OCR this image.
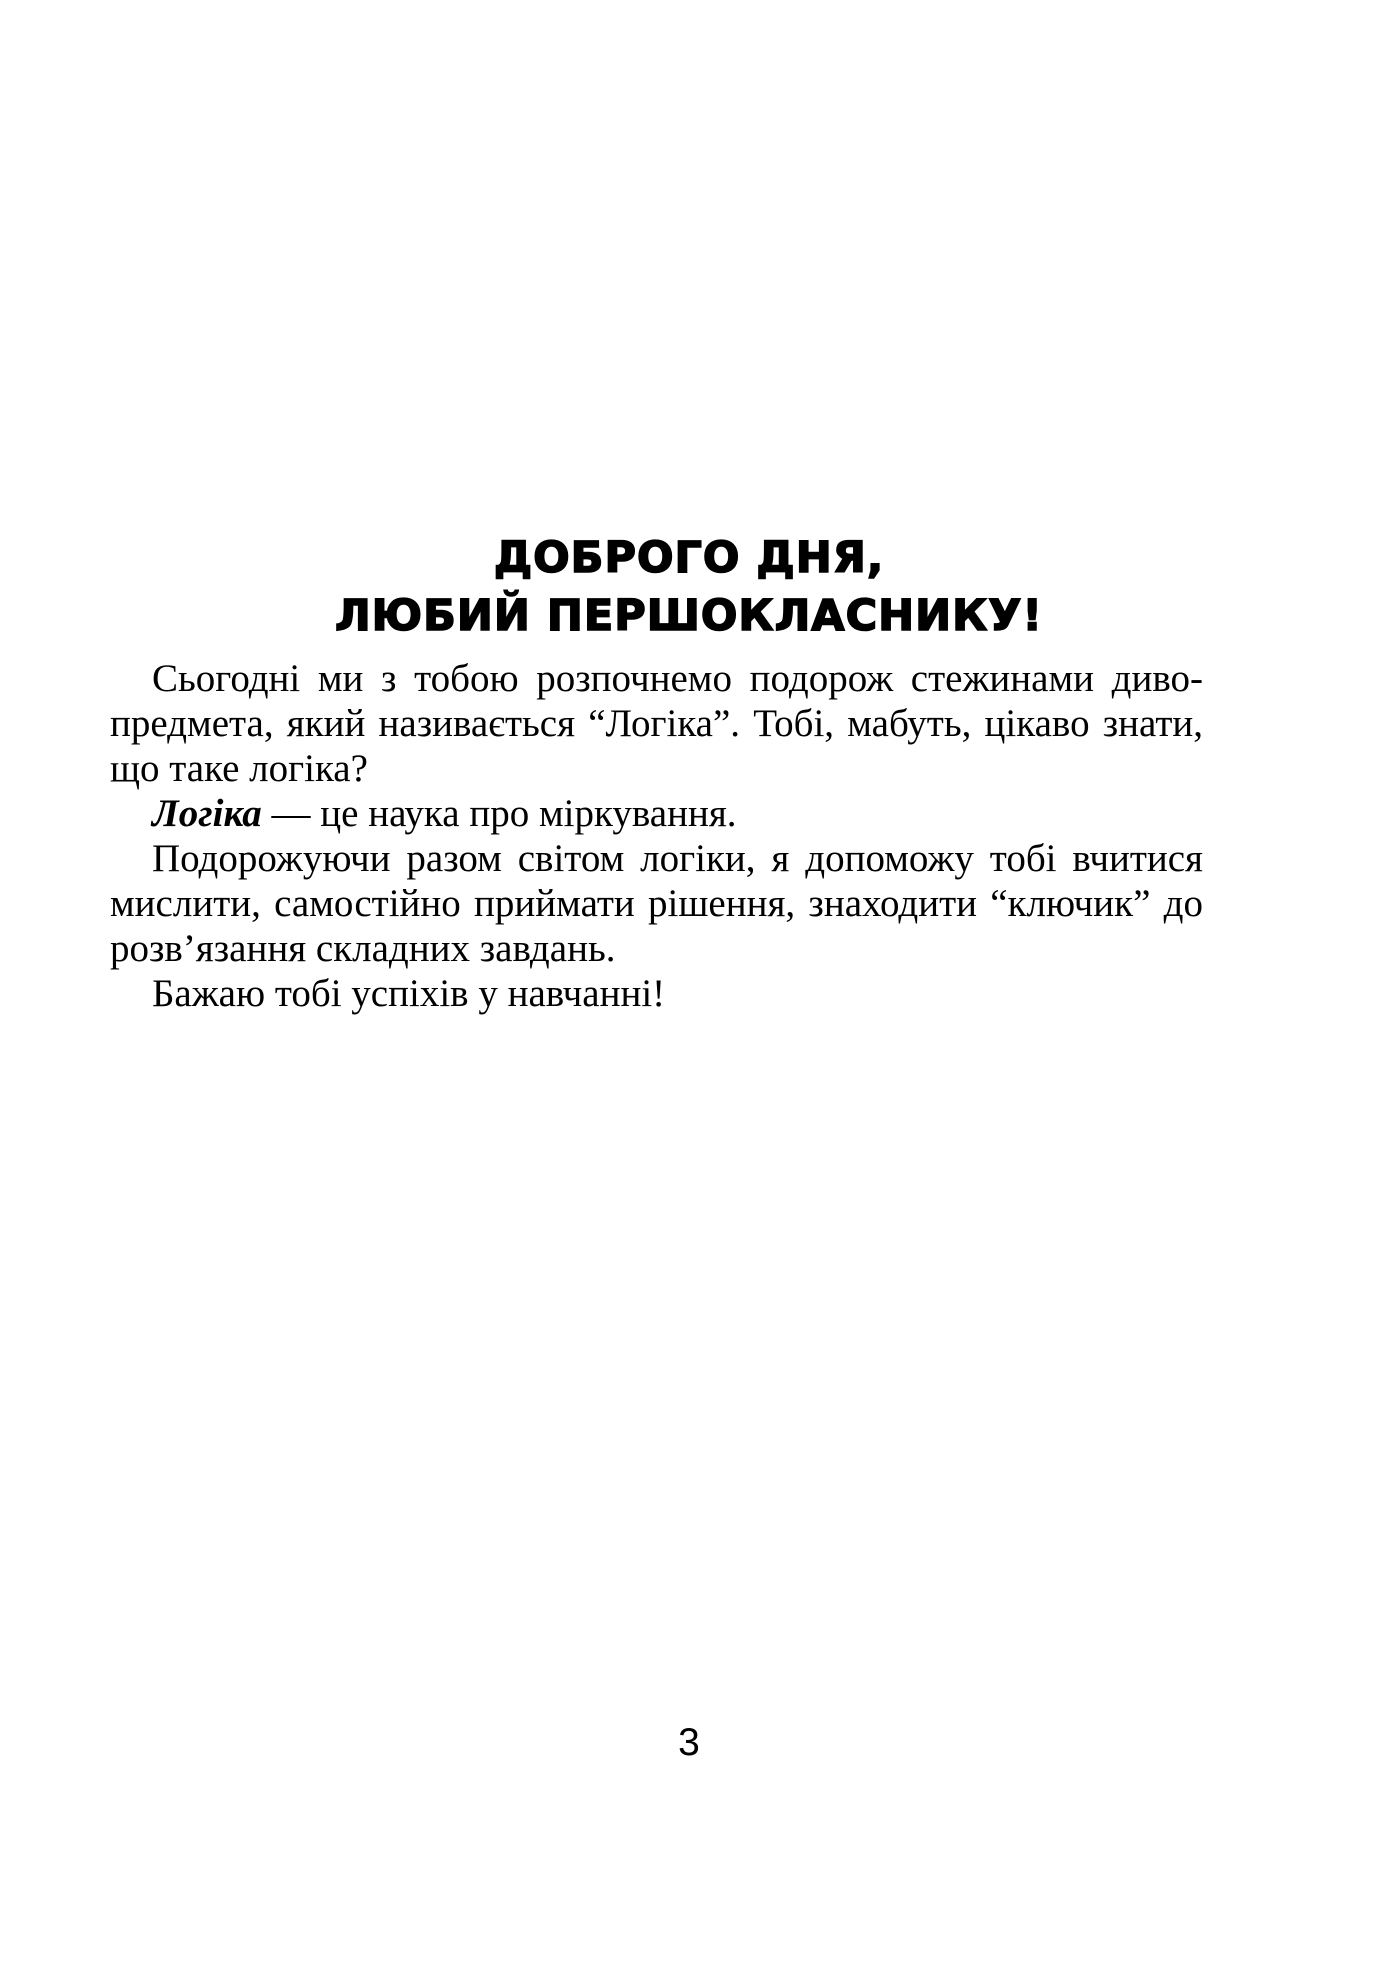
ДОБРОГО ДНЯ,
ЛЮБИЙ ПЕРШОКЛАСНИКУ!

Сьогодні ми з тобою розпочнемо подорож стежинами диво-предмета, який називається “Логіка”. Тобі, мабуть, цікаво знати, що таке логіка?

Логіка — це наука про міркування.

Подорожуючи разом світом логіки, я допоможу тобі вчитися мислити, самостійно приймати рішення, знаходити “ключик” до розв’язання складних завдань.

Бажаю тобі успіхів у навчанні!

3
